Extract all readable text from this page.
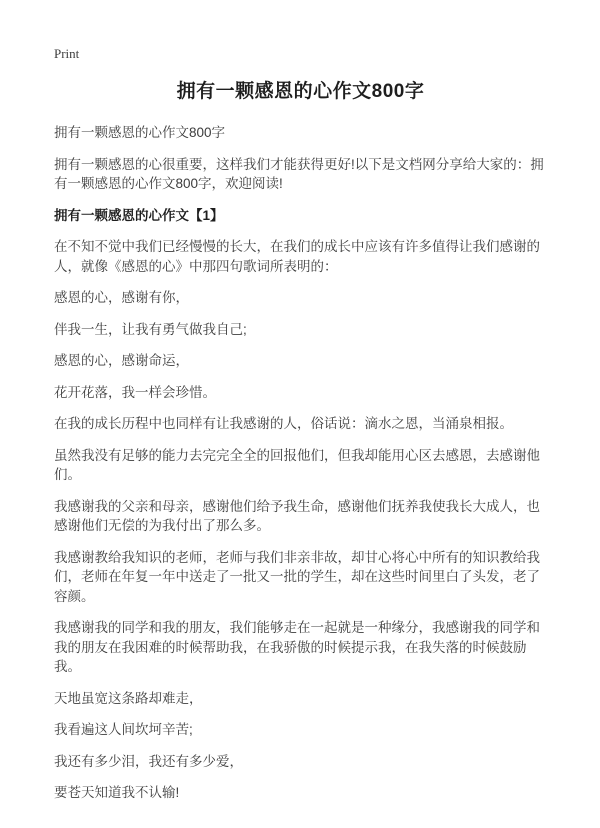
Print
拥有一颗感恩的心作文800字

拥有一颗感恩的心作文800字

拥有一颗感恩的心很重要，这样我们才能获得更好!以下是文档网分享给大家的：拥有一颗感恩的心作文800字，欢迎阅读!

拥有一颗感恩的心作文【1】

在不知不觉中我们已经慢慢的长大，在我们的成长中应该有许多值得让我们感谢的人，就像《感恩的心》中那四句歌词所表明的：

感恩的心，感谢有你，

伴我一生，让我有勇气做我自己;

感恩的心，感谢命运，

花开花落，我一样会珍惜。

在我的成长历程中也同样有让我感谢的人，俗话说：滴水之恩，当涌泉相报。

虽然我没有足够的能力去完完全全的回报他们，但我却能用心区去感恩，去感谢他们。

我感谢我的父亲和母亲，感谢他们给予我生命，感谢他们抚养我使我长大成人，也感谢他们无偿的为我付出了那么多。

我感谢教给我知识的老师，老师与我们非亲非故，却甘心将心中所有的知识教给我们，老师在年复一年中送走了一批又一批的学生，却在这些时间里白了头发，老了容颜。

我感谢我的同学和我的朋友，我们能够走在一起就是一种缘分，我感谢我的同学和我的朋友在我困难的时候帮助我，在我骄傲的时候提示我，在我失落的时候鼓励我。

天地虽宽这条路却难走，

我看遍这人间坎坷辛苦;

我还有多少泪，我还有多少爱，

要苍天知道我不认输!
